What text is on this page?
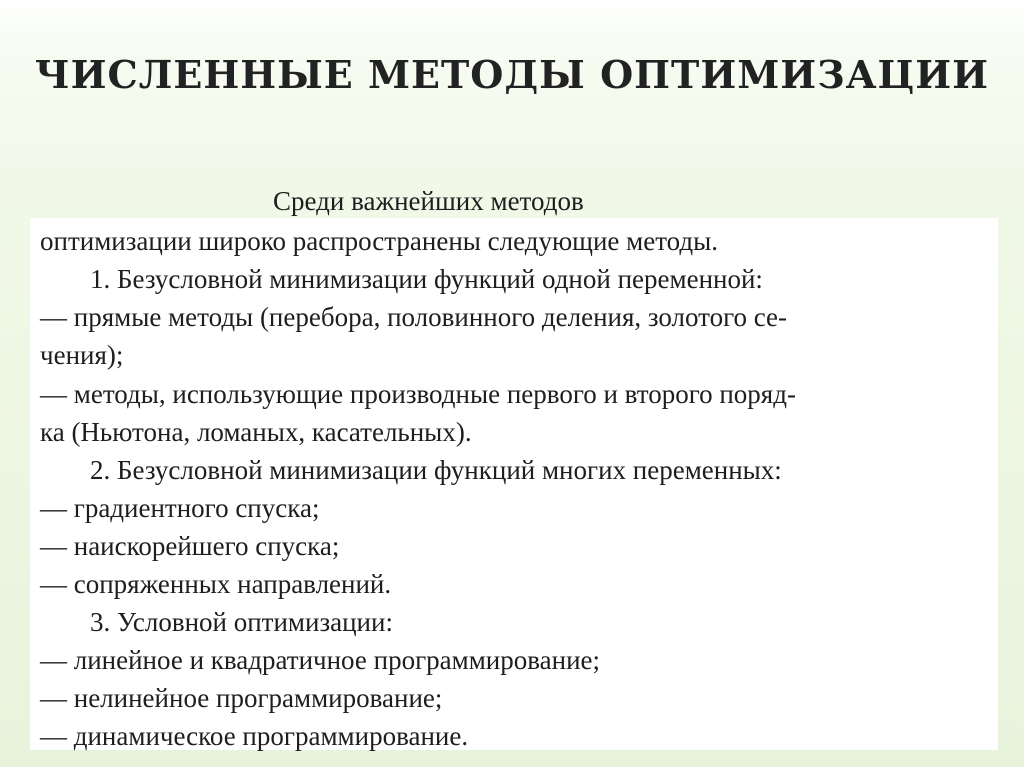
ЧИСЛЕННЫЕ МЕТОДЫ ОПТИМИЗАЦИИ
Среди важнейших методов
оптимизации широко распространены следующие методы.
1. Безусловной минимизации функций одной переменной:
— прямые методы (перебора, половинного деления, золотого се-
чения);
— методы, использующие производные первого и второго поряд-
ка (Ньютона, ломаных, касательных).
2. Безусловной минимизации функций многих переменных:
— градиентного спуска;
— наискорейшего спуска;
— сопряженных направлений.
3. Условной оптимизации:
— линейное и квадратичное программирование;
— нелинейное программирование;
— динамическое программирование.
